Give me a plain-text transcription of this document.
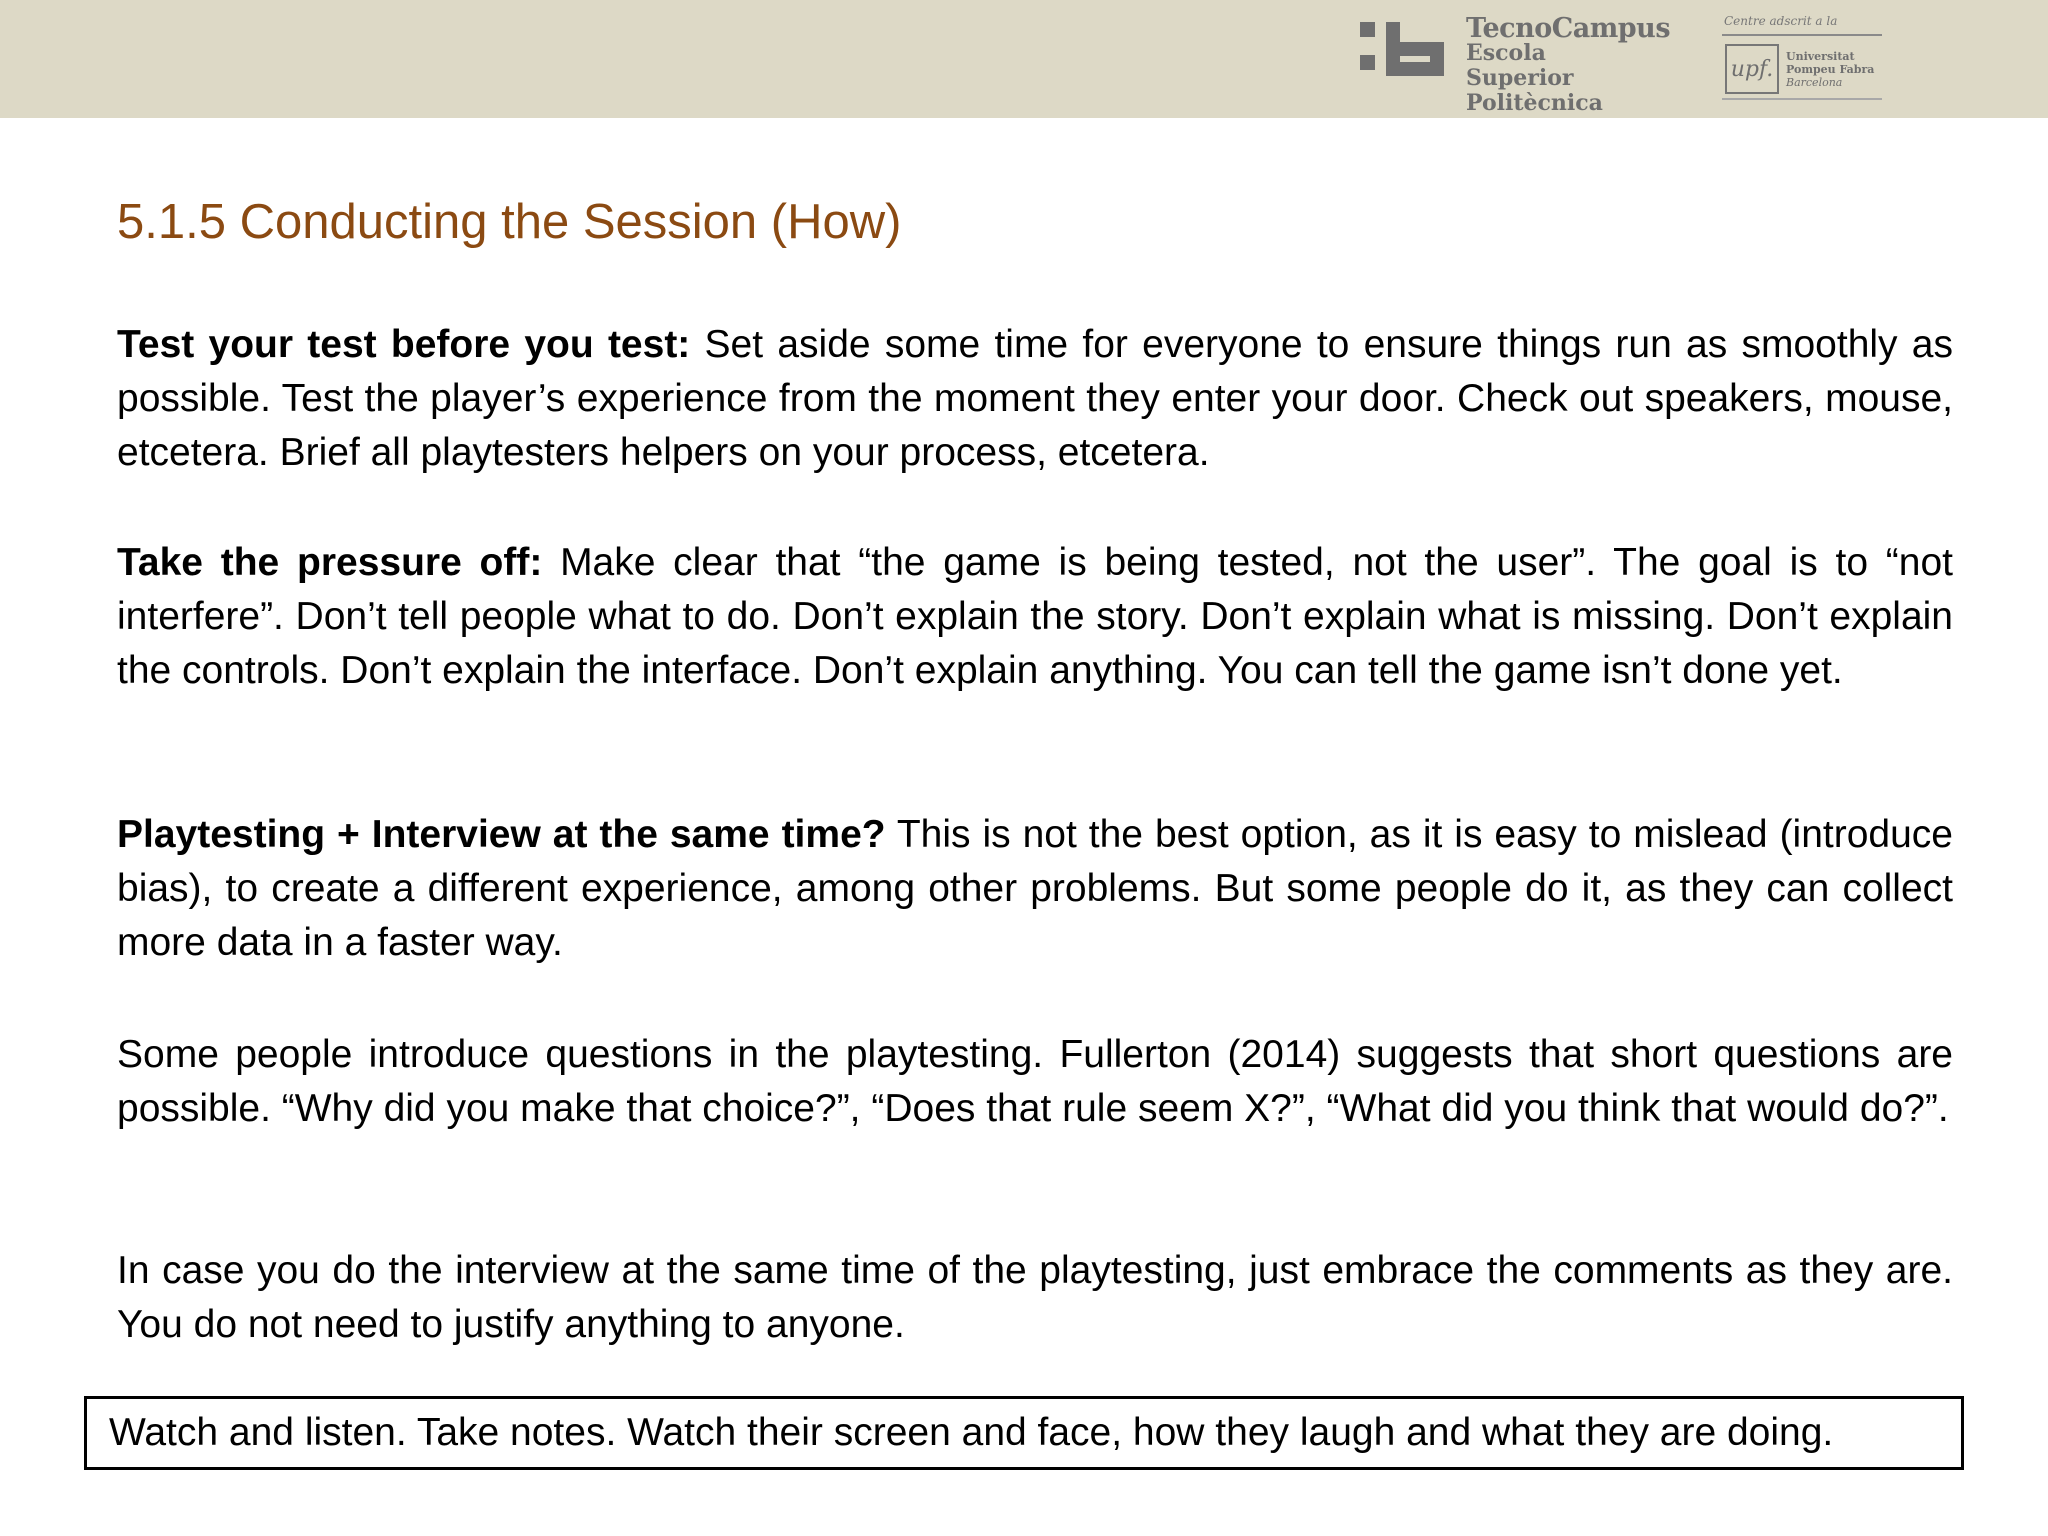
TecnoCampus
Escola Superior
Politècnica
Centre adscrit a la
upf.	Universitat
Pompeu Fabra
Barcelona
5.1.5 Conducting the Session (How)

Test your test before you test: Set aside some time for everyone to ensure things run as smoothly as possible. Test the player’s experience from the moment they enter your door. Check out speakers, mouse, etcetera. Brief all playtesters helpers on your process, etcetera.

Take the pressure off: Make clear that “the game is being tested, not the user”. The goal is to “not interfere”. Don’t tell people what to do. Don’t explain the story. Don’t explain what is missing. Don’t explain the controls. Don’t explain the interface. Don’t explain anything. You can tell the game isn’t done yet.

Playtesting + Interview at the same time? This is not the best option, as it is easy to mislead (introduce bias), to create a different experience, among other problems. But some people do it, as they can collect more data in a faster way.

Some people introduce questions in the playtesting. Fullerton (2014) suggests that short questions are possible. “Why did you make that choice?”, “Does that rule seem X?”, “What did you think that would do?”.

In case you do the interview at the same time of the playtesting, just embrace the comments as they are. You do not need to justify anything to anyone.

Watch and listen. Take notes. Watch their screen and face, how they laugh and what they are doing.
